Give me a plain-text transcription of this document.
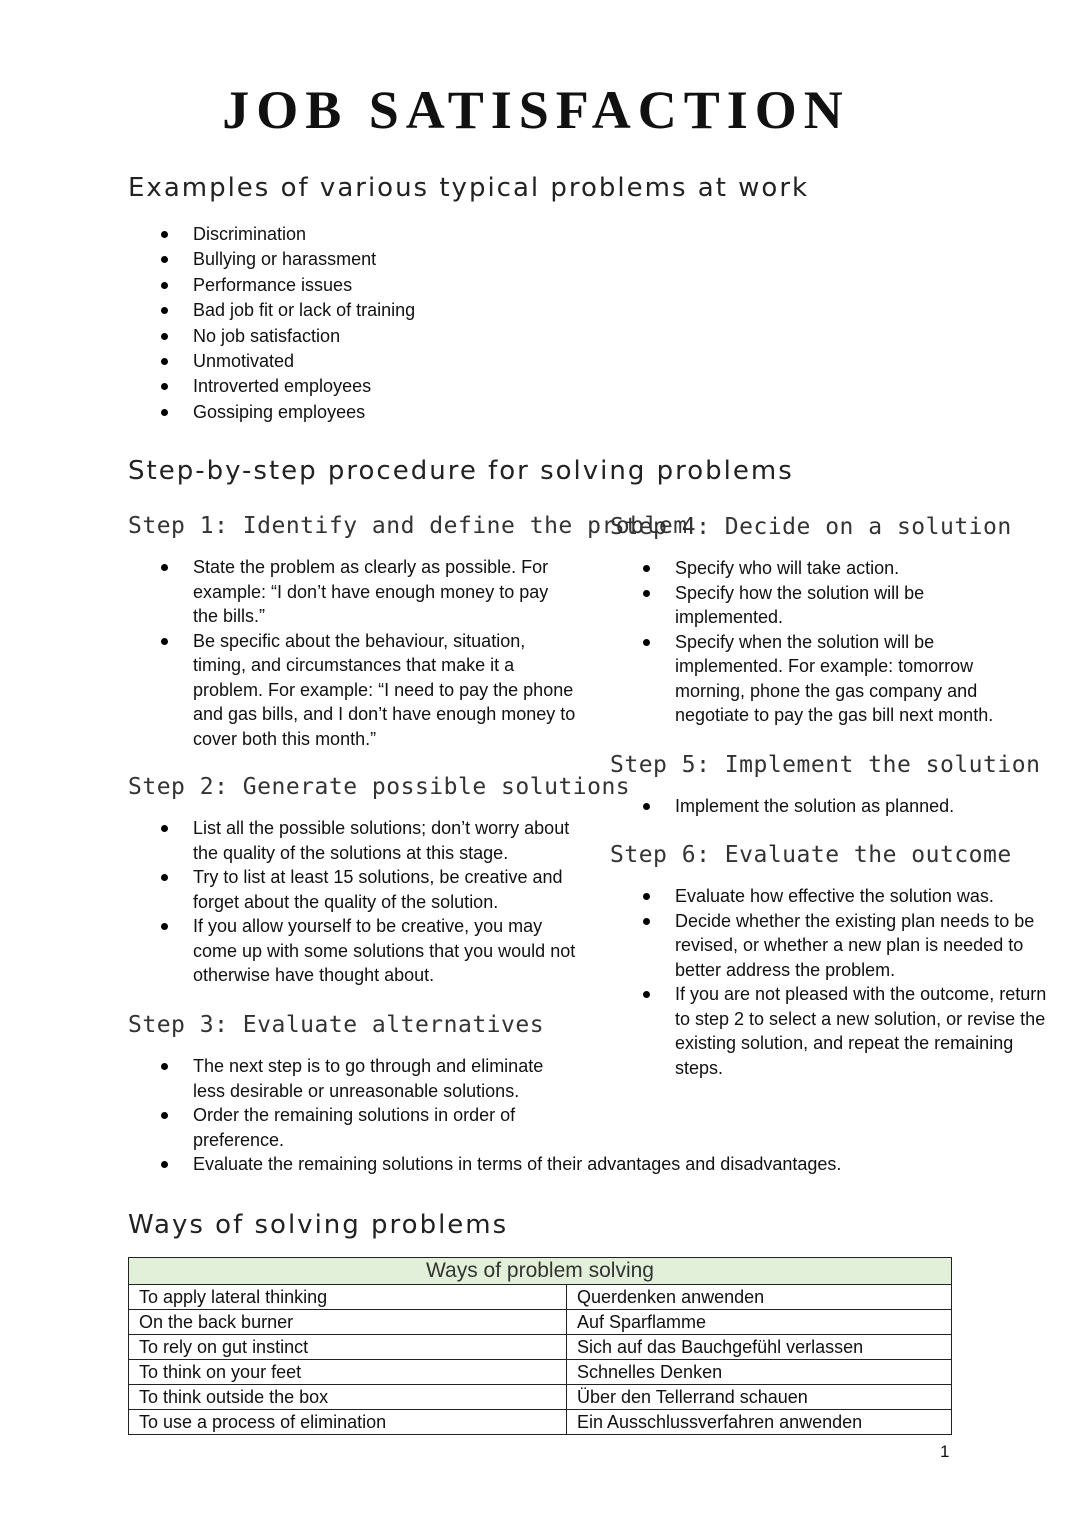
JOB SATISFACTION
Examples of various typical problems at work
Discrimination
Bullying or harassment
Performance issues
Bad job fit or lack of training
No job satisfaction
Unmotivated
Introverted employees
Gossiping employees
Step-by-step procedure for solving problems
Step 1: Identify and define the problem
State the problem as clearly as possible. For example: “I don’t have enough money to pay the bills.”
Be specific about the behaviour, situation, timing, and circumstances that make it a problem. For example: “I need to pay the phone and gas bills, and I don’t have enough money to cover both this month.”
Step 2: Generate possible solutions
List all the possible solutions; don’t worry about the quality of the solutions at this stage.
Try to list at least 15 solutions, be creative and forget about the quality of the solution.
If you allow yourself to be creative, you may come up with some solutions that you would not otherwise have thought about.
Step 3: Evaluate alternatives
The next step is to go through and eliminate less desirable or unreasonable solutions.
Order the remaining solutions in order of preference.
Evaluate the remaining solutions in terms of their advantages and disadvantages.
Step 4: Decide on a solution
Specify who will take action.
Specify how the solution will be implemented.
Specify when the solution will be implemented. For example: tomorrow morning, phone the gas company and negotiate to pay the gas bill next month.
Step 5: Implement the solution
Implement the solution as planned.
Step 6: Evaluate the outcome
Evaluate how effective the solution was.
Decide whether the existing plan needs to be revised, or whether a new plan is needed to better address the problem.
If you are not pleased with the outcome, return to step 2 to select a new solution, or revise the existing solution, and repeat the remaining steps.
Ways of solving problems
Ways of problem solving	
To apply lateral thinking	Querdenken anwenden
On the back burner	Auf Sparflamme
To rely on gut instinct	Sich auf das Bauchgefühl verlassen
To think on your feet	Schnelles Denken
To think outside the box	Über den Tellerrand schauen
To use a process of elimination	Ein Ausschlussverfahren anwenden
1
